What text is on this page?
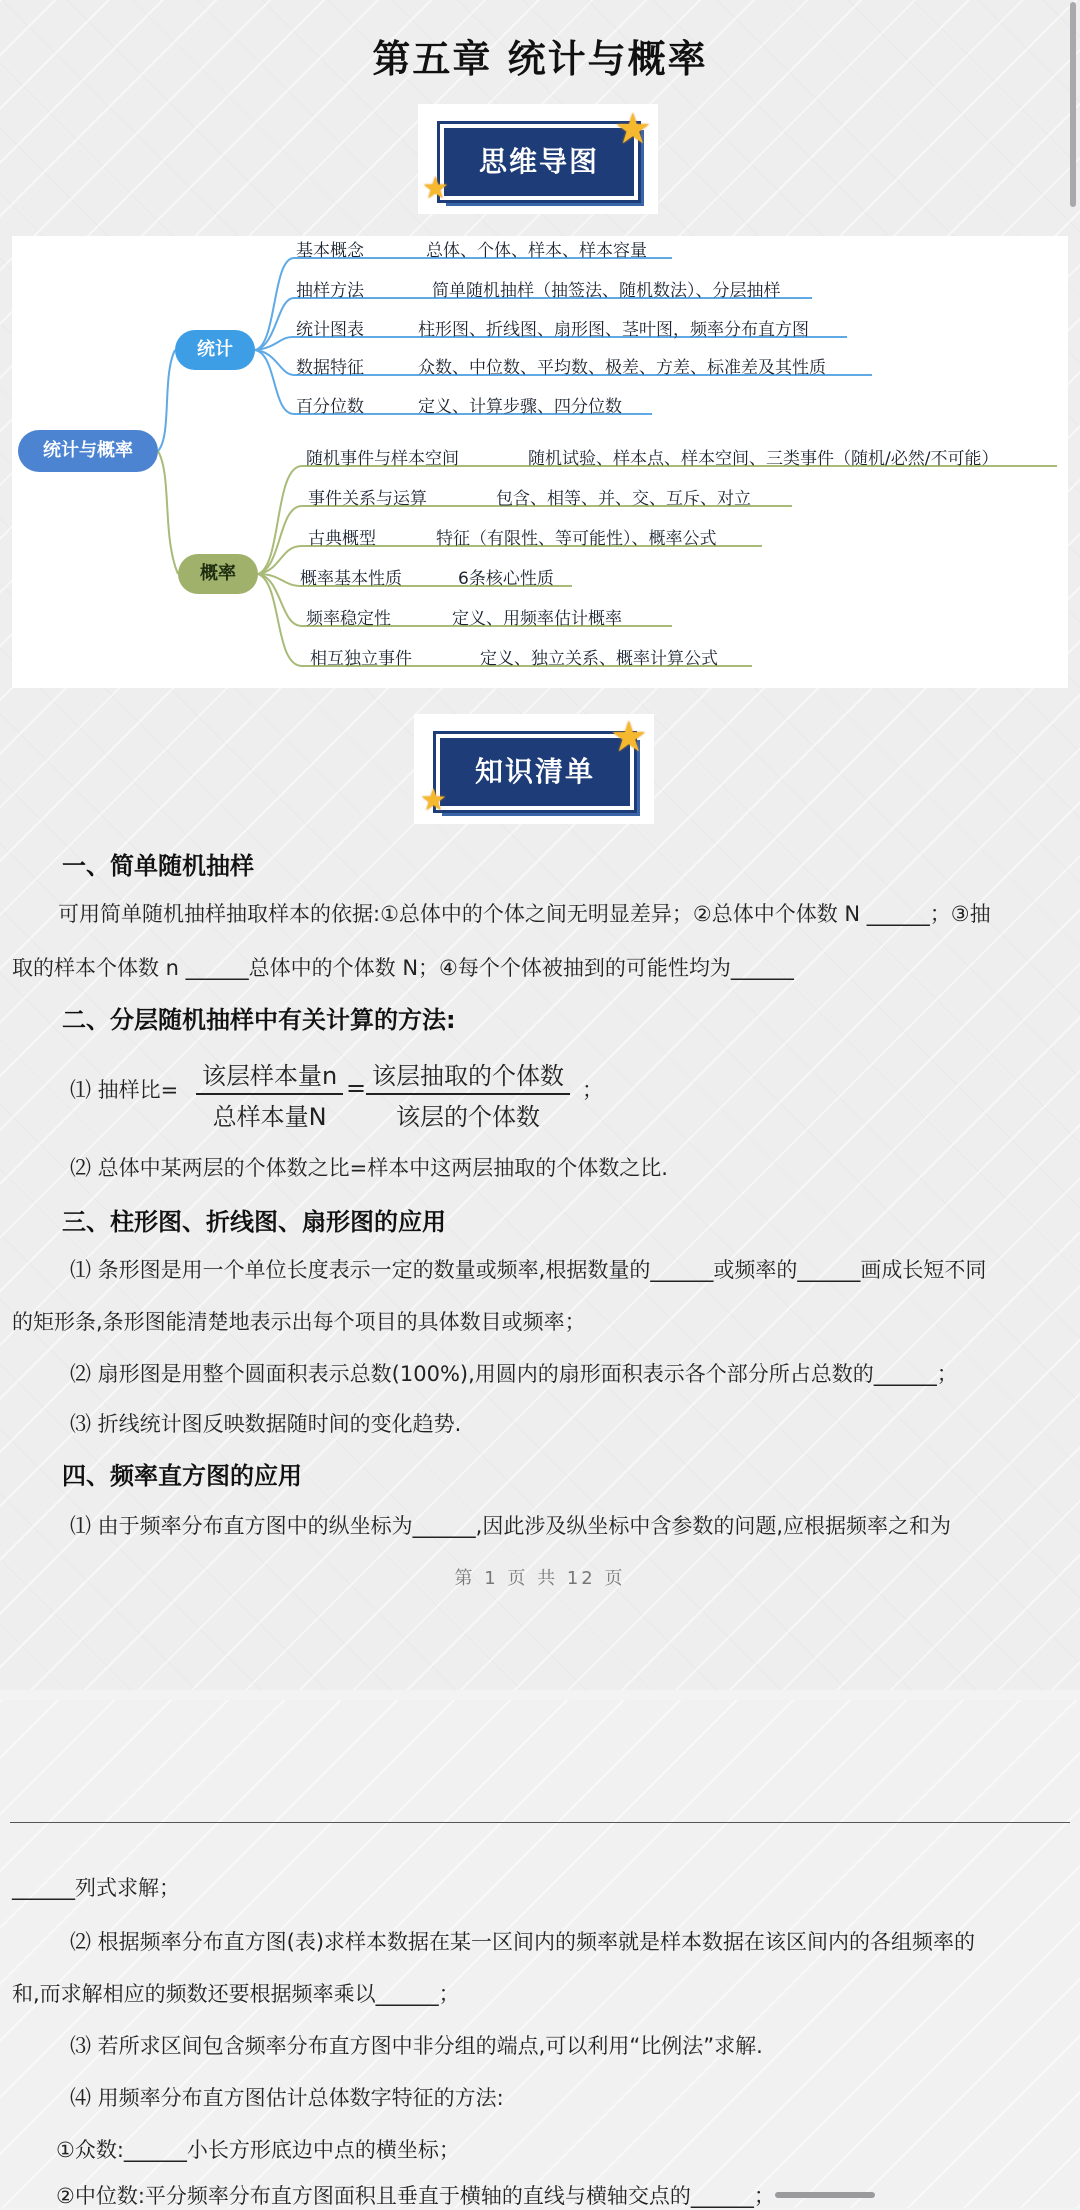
第五章 统计与概率
思维导图
★
★
统计与概率
统计
概率
基本概念	总体、个体、样本、样本容量
抽样方法	简单随机抽样（抽签法、随机数法）、分层抽样
统计图表	柱形图、折线图、扇形图、茎叶图，频率分布直方图
数据特征	众数、中位数、平均数、极差、方差、标准差及其性质
百分位数	定义、计算步骤、四分位数
随机事件与样本空间	随机试验、样本点、样本空间、三类事件（随机/必然/不可能）
事件关系与运算	包含、相等、并、交、互斥、对立
古典概型	特征（有限性、等可能性）、概率公式
概率基本性质	6条核心性质
频率稳定性	定义、用频率估计概率
相互独立事件	定义、独立关系、概率计算公式
知识清单
★
★
一、简单随机抽样
可用简单随机抽样抽取样本的依据:①总体中的个体之间无明显差异；②总体中个体数 N ______；③抽
取的样本个体数 n ______总体中的个体数 N；④每个个体被抽到的可能性均为______
二、分层随机抽样中有关计算的方法:
⑴ 抽样比= 该层样本量n
总样本量N
= 该层抽取的个体数
该层的个体数
；
⑵ 总体中某两层的个体数之比=样本中这两层抽取的个体数之比.
三、柱形图、折线图、扇形图的应用
⑴ 条形图是用一个单位长度表示一定的数量或频率,根据数量的______或频率的______画成长短不同
的矩形条,条形图能清楚地表示出每个项目的具体数目或频率；
⑵ 扇形图是用整个圆面积表示总数(100%),用圆内的扇形面积表示各个部分所占总数的______；
⑶ 折线统计图反映数据随时间的变化趋势.
四、频率直方图的应用
⑴ 由于频率分布直方图中的纵坐标为______,因此涉及纵坐标中含参数的问题,应根据频率之和为
第 1 页 共 12 页
______列式求解；
⑵ 根据频率分布直方图(表)求样本数据在某一区间内的频率就是样本数据在该区间内的各组频率的
和,而求解相应的频数还要根据频率乘以______；
⑶ 若所求区间包含频率分布直方图中非分组的端点,可以利用“比例法”求解.
⑷ 用频率分布直方图估计总体数字特征的方法:
①众数:______小长方形底边中点的横坐标；
②中位数:平分频率分布直方图面积且垂直于横轴的直线与横轴交点的______；
